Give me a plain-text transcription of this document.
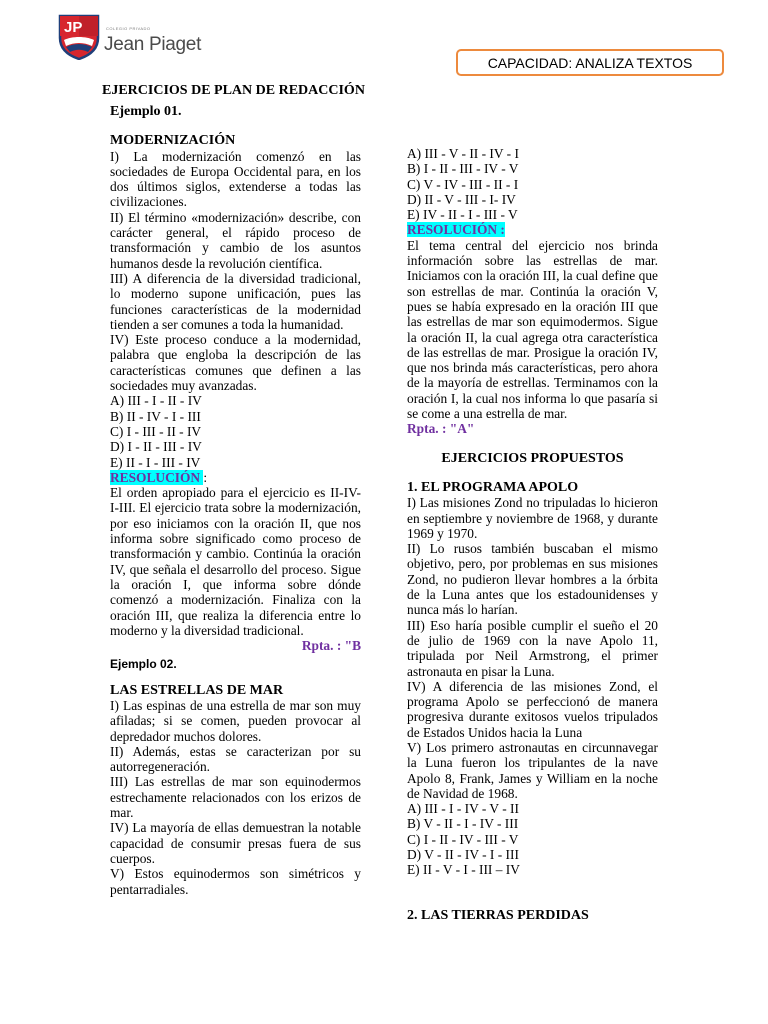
JP	COLEGIO PRIVADO
Jean Piaget
CAPACIDAD: ANALIZA TEXTOS
EJERCICIOS DE PLAN DE REDACCIÓN

Ejemplo 01.

MODERNIZACIÓN

I) La modernización comenzó en las sociedades de Europa Occidental para, en los dos últimos siglos, extenderse a todas las civilizaciones.

II) El término «modernización» describe, con carácter general, el rápido proceso de transformación y cambio de los asuntos humanos desde la revolución científica.

III) A diferencia de la diversidad tradicional, lo moderno supone unificación, pues las funciones características de la modernidad tienden a ser comunes a toda la humanidad.

IV) Este proceso conduce a la modernidad, palabra que engloba la descripción de las características comunes que definen a las sociedades muy avanzadas.

A) III - I - II - IV

B) II - IV - I - III

C) I - III - II - IV

D) I - II - III - IV

E) II - I - III - IV

RESOLUCIÓN :

El orden apropiado para el ejercicio es II-IV- I-III. El ejercicio trata sobre la modernización, por eso iniciamos con la oración II, que nos informa sobre significado como proceso de transformación y cambio. Continúa la oración IV, que señala el desarrollo del proceso. Sigue la oración I, que informa sobre dónde comenzó a modernización. Finaliza con la oración III, que realiza la diferencia entre lo moderno y la diversidad tradicional.

Rpta. : "B

Ejemplo 02.

LAS ESTRELLAS DE MAR

I) Las espinas de una estrella de mar son muy afiladas; si se comen, pueden provocar al depredador muchos dolores.

II) Además, estas se caracterizan por su autorregeneración.

III) Las estrellas de mar son equinodermos estrechamente relacionados con los erizos de mar.

IV) La mayoría de ellas demuestran la notable capacidad de consumir presas fuera de sus cuerpos.

V) Estos equinodermos son simétricos y pentarradiales.

A) III - V - II - IV - I

B) I - II - III - IV - V

C) V - IV - III - II - I

D) II - V - III - I- IV

E) IV - II - I - III - V

RESOLUCIÓN :

El tema central del ejercicio nos brinda información sobre las estrellas de mar. Iniciamos con la oración III, la cual define que son estrellas de mar. Continúa la oración V, pues se había expresado en la oración III que las estrellas de mar son equimodermos. Sigue la oración II, la cual agrega otra característica de las estrellas de mar. Prosigue la oración IV, que nos brinda más características, pero ahora de la mayoría de estrellas. Terminamos con la oración I, la cual nos informa lo que pasaría si se come a una estrella de mar.

Rpta. : "A"

EJERCICIOS PROPUESTOS

1. EL PROGRAMA APOLO

I) Las misiones Zond no tripuladas lo hicieron en septiembre y noviembre de 1968, y durante 1969 y 1970.

II) Lo rusos también buscaban el mismo objetivo, pero, por problemas en sus misiones Zond, no pudieron llevar hombres a la órbita de la Luna antes que los estadounidenses y nunca más lo harían.

III) Eso haría posible cumplir el sueño el 20 de julio de 1969 con la nave Apolo 11, tripulada por Neil Armstrong, el primer astronauta en pisar la Luna.

IV) A diferencia de las misiones Zond, el programa Apolo se perfeccionó de manera progresiva durante exitosos vuelos tripulados de Estados Unidos hacia la Luna

V) Los primero astronautas en circunnavegar la Luna fueron los tripulantes de la nave Apolo 8, Frank, James y William en la noche de Navidad de 1968.

A) III - I - IV - V - II

B) V - II - I - IV - III

C) I - II - IV - III - V

D) V - II - IV - I - III

E) II - V - I - III – IV

2. LAS TIERRAS PERDIDAS
